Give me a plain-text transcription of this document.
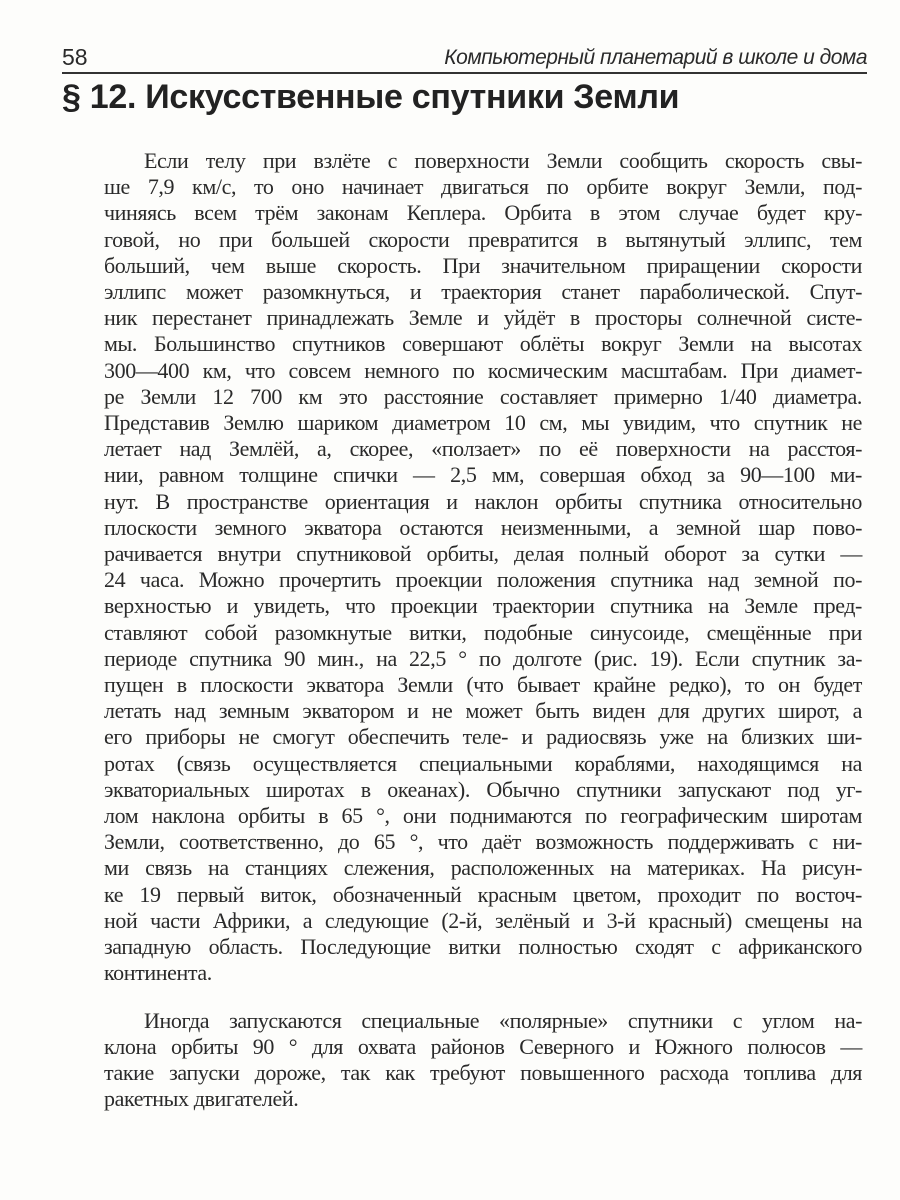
58	Компьютерный планетарий в школе и дома
§ 12. Искусственные спутники Земли
Если телу при взлёте с поверхности Земли сообщить скорость свы-
ше 7,9 км/с, то оно начинает двигаться по орбите вокруг Земли, под-
чиняясь всем трём законам Кеплера. Орбита в этом случае будет кру-
говой, но при большей скорости превратится в вытянутый эллипс, тем
больший, чем выше скорость. При значительном приращении скорости
эллипс может разомкнуться, и траектория станет параболической. Спут-
ник перестанет принадлежать Земле и уйдёт в просторы солнечной систе-
мы. Большинство спутников совершают облёты вокруг Земли на высотах
300—400 км, что совсем немного по космическим масштабам. При диамет-
ре Земли 12 700 км это расстояние составляет примерно 1/40 диаметра.
Представив Землю шариком диаметром 10 см, мы увидим, что спутник не
летает над Землёй, а, скорее, «ползает» по её поверхности на расстоя-
нии, равном толщине спички — 2,5 мм, совершая обход за 90—100 ми-
нут. В пространстве ориентация и наклон орбиты спутника относительно
плоскости земного экватора остаются неизменными, а земной шар пово-
рачивается внутри спутниковой орбиты, делая полный оборот за сутки —
24 часа. Можно прочертить проекции положения спутника над земной по-
верхностью и увидеть, что проекции траектории спутника на Земле пред-
ставляют собой разомкнутые витки, подобные синусоиде, смещённые при
периоде спутника 90 мин., на 22,5 ° по долготе (рис. 19). Если спутник за-
пущен в плоскости экватора Земли (что бывает крайне редко), то он будет
летать над земным экватором и не может быть виден для других широт, а
его приборы не смогут обеспечить теле- и радиосвязь уже на близких ши-
ротах (связь осуществляется специальными кораблями, находящимся на
экваториальных широтах в океанах). Обычно спутники запускают под уг-
лом наклона орбиты в 65 °, они поднимаются по географическим широтам
Земли, соответственно, до 65 °, что даёт возможность поддерживать с ни-
ми связь на станциях слежения, расположенных на материках. На рисун-
ке 19 первый виток, обозначенный красным цветом, проходит по восточ-
ной части Африки, а следующие (2-й, зелёный и 3-й красный) смещены на
западную область. Последующие витки полностью сходят с африканского
континента.
Иногда запускаются специальные «полярные» спутники с углом на-
клона орбиты 90 ° для охвата районов Северного и Южного полюсов —
такие запуски дороже, так как требуют повышенного расхода топлива для
ракетных двигателей.
